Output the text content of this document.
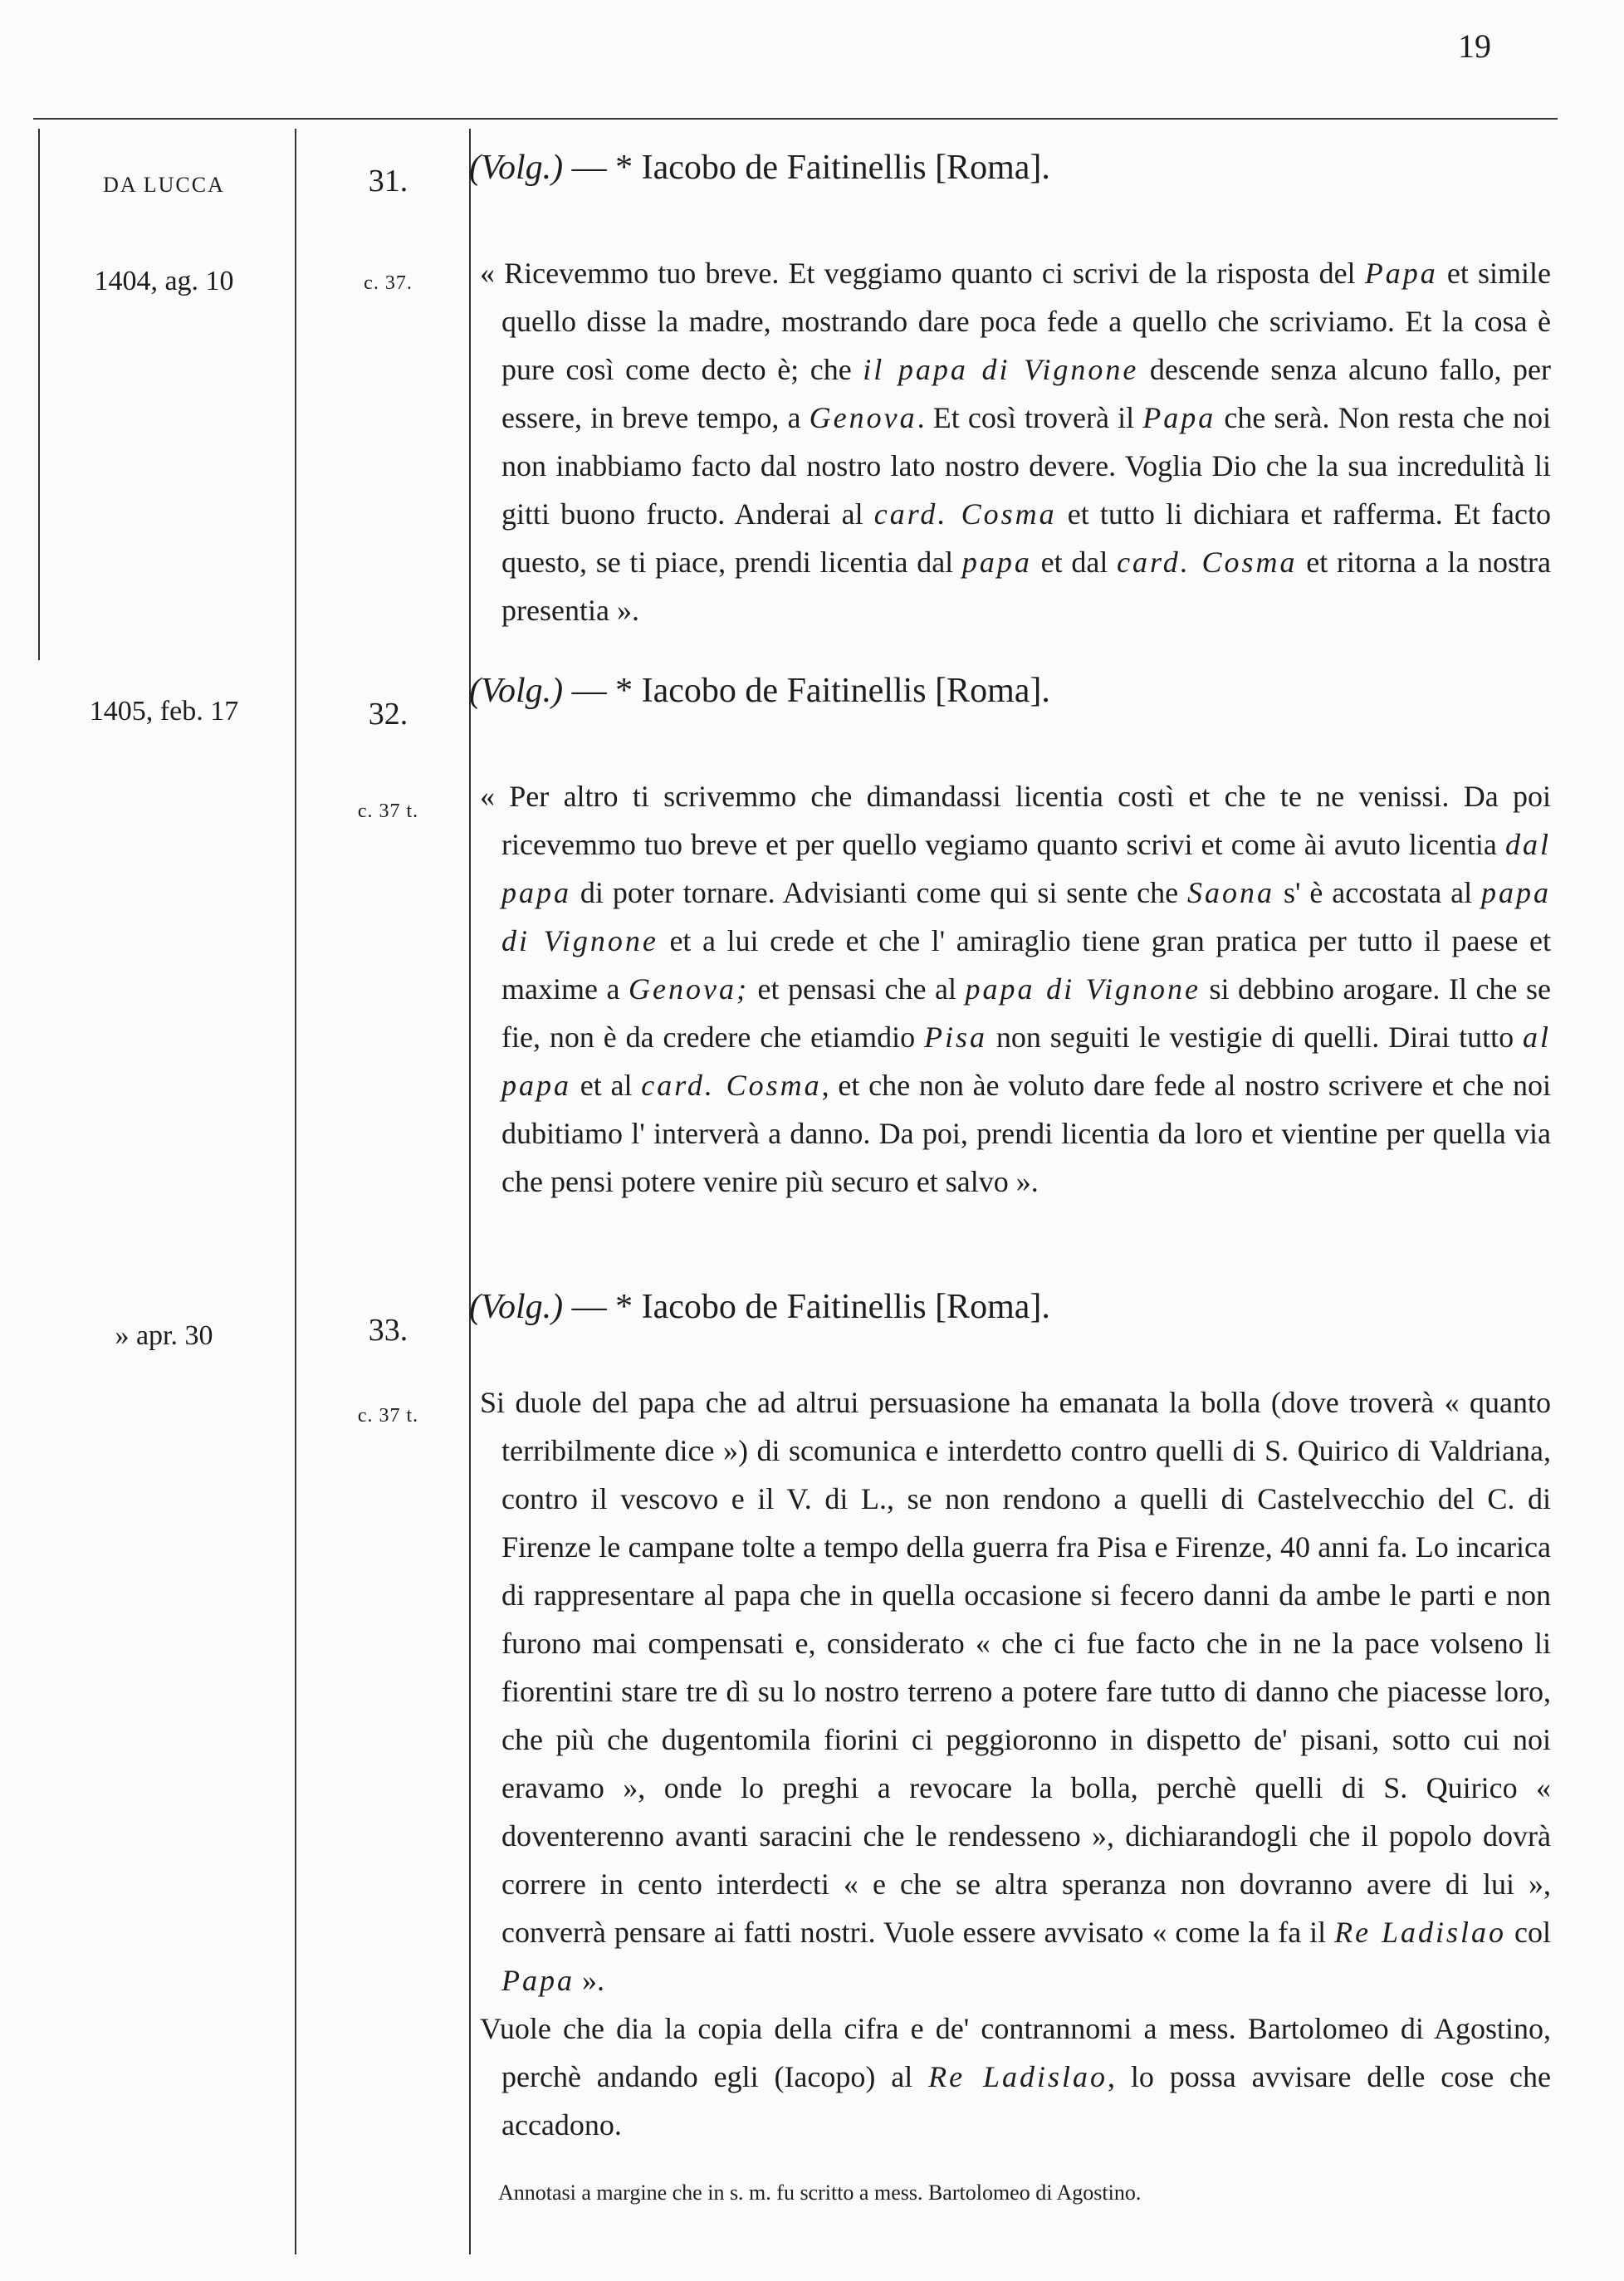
19
DA LUCCA
1404, ag. 10
31.
c. 37.
(Volg.) — * Iacobo de Faitinellis [Roma].

« Ricevemmo tuo breve. Et veggiamo quanto ci scrivi de la risposta del Papa et simile quello disse la madre, mostrando dare poca fede a quello che scriviamo. Et la cosa è pure così come decto è; che il papa di Vignone descende senza alcuno fallo, per essere, in breve tempo, a Genova. Et così troverà il Papa che serà. Non resta che noi non inabbiamo facto dal nostro lato nostro devere. Voglia Dio che la sua incredulità li gitti buono fructo. Anderai al card. Cosma et tutto li dichiara et rafferma. Et facto questo, se ti piace, prendi licentia dal papa et dal card. Cosma et ritorna a la nostra presentia ».

1405, feb. 17	32.
c. 37 t.
(Volg.) — * Iacobo de Faitinellis [Roma].

« Per altro ti scrivemmo che dimandassi licentia costì et che te ne venissi. Da poi ricevemmo tuo breve et per quello vegiamo quanto scrivi et come ài avuto licentia dal papa di poter tornare. Advisianti come qui si sente che Saona s' è accostata al papa di Vignone et a lui crede et che l' amiraglio tiene gran pratica per tutto il paese et maxime a Genova; et pensasi che al papa di Vignone si debbino arogare. Il che se fie, non è da credere che etiamdio Pisa non seguiti le vestigie di quelli. Dirai tutto al papa et al card. Cosma, et che non àe voluto dare fede al nostro scrivere et che noi dubitiamo l' interverà a danno. Da poi, prendi licentia da loro et vientine per quella via che pensi potere venire più securo et salvo ».

» apr. 30	33.
c. 37 t.
(Volg.) — * Iacobo de Faitinellis [Roma].

Si duole del papa che ad altrui persuasione ha emanata la bolla (dove troverà « quanto terribilmente dice ») di scomunica e interdetto contro quelli di S. Quirico di Valdriana, contro il vescovo e il V. di L., se non rendono a quelli di Castelvecchio del C. di Firenze le campane tolte a tempo della guerra fra Pisa e Firenze, 40 anni fa. Lo incarica di rappresentare al papa che in quella occasione si fecero danni da ambe le parti e non furono mai compensati e, considerato « che ci fue facto che in ne la pace volseno li fiorentini stare tre dì su lo nostro terreno a potere fare tutto di danno che piacesse loro, che più che dugentomila fiorini ci peggioronno in dispetto de' pisani, sotto cui noi eravamo », onde lo preghi a revocare la bolla, perchè quelli di S. Quirico « doventerenno avanti saracini che le rendesseno », dichiarandogli che il popolo dovrà correre in cento interdecti « e che se altra speranza non dovranno avere di lui », converrà pensare ai fatti nostri. Vuole essere avvisato « come la fa il Re Ladislao col Papa ».

Vuole che dia la copia della cifra e de' contrannomi a mess. Bartolomeo di Agostino, perchè andando egli (Iacopo) al Re Ladislao, lo possa avvisare delle cose che accadono.

Annotasi a margine che in s. m. fu scritto a mess. Bartolomeo di Agostino.
